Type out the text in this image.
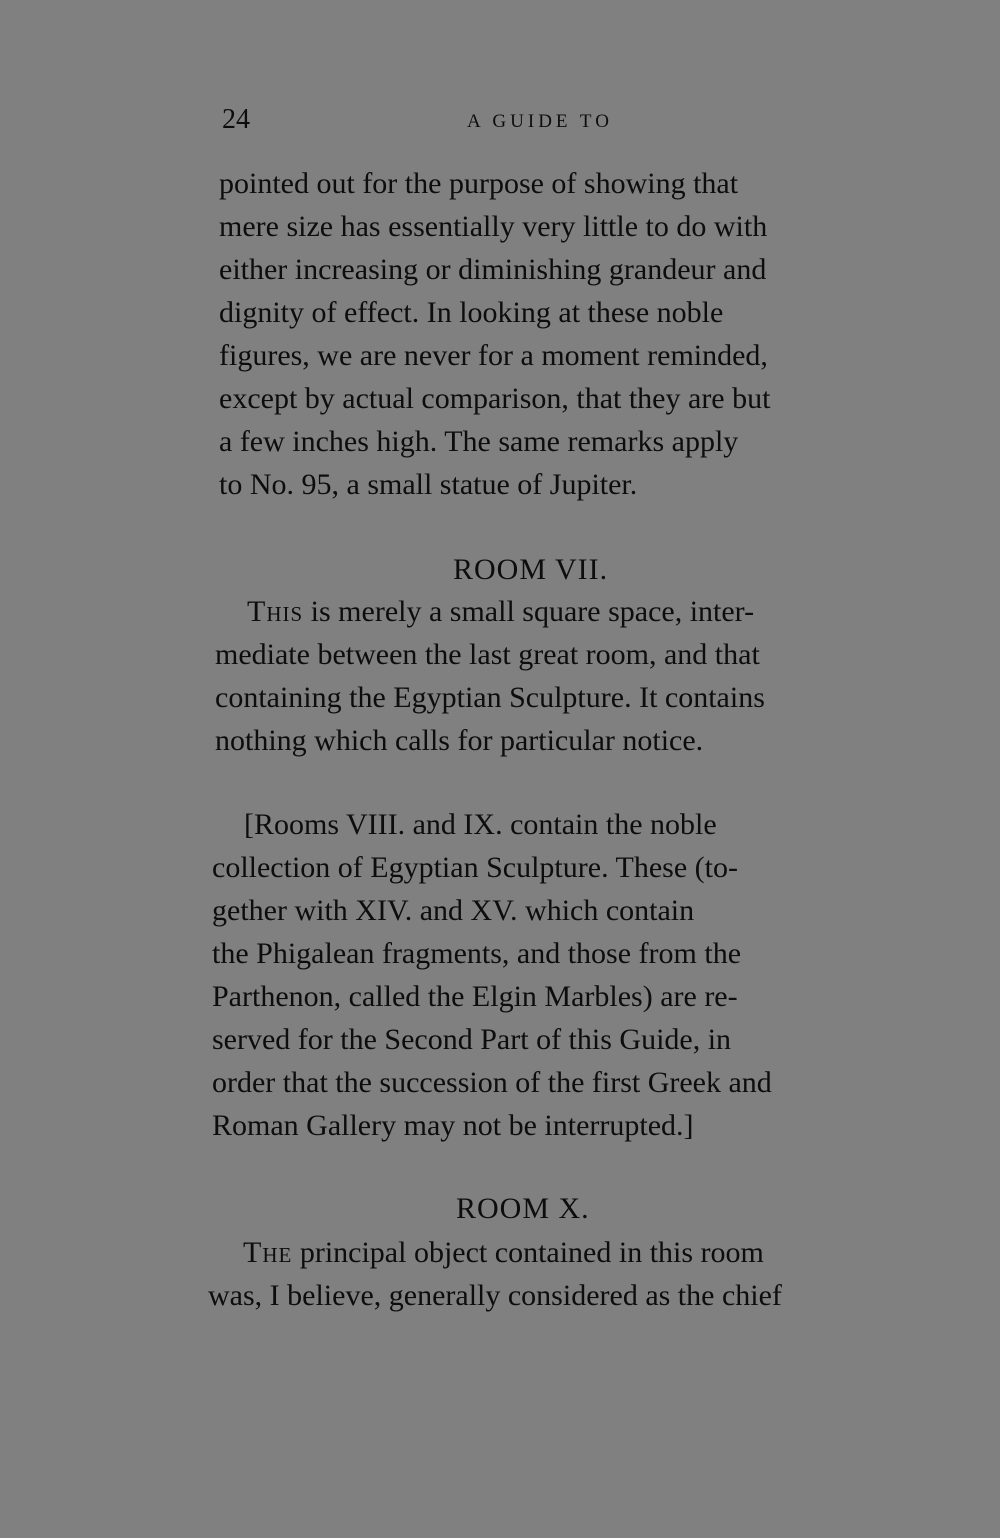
24	A GUIDE TO
pointed out for the purpose of showing that
mere size has essentially very little to do with
either increasing or diminishing grandeur and
dignity of effect. In looking at these noble
figures, we are never for a moment reminded,
except by actual comparison, that they are but
a few inches high. The same remarks apply
to No. 95, a small statue of Jupiter.
ROOM VII.
This is merely a small square space, inter-
mediate between the last great room, and that
containing the Egyptian Sculpture. It contains
nothing which calls for particular notice.
[Rooms VIII. and IX. contain the noble
collection of Egyptian Sculpture. These (to-
gether with XIV. and XV. which contain
the Phigalean fragments, and those from the
Parthenon, called the Elgin Marbles) are re-
served for the Second Part of this Guide, in
order that the succession of the first Greek and
Roman Gallery may not be interrupted.]
ROOM X.
The principal object contained in this room
was, I believe, generally considered as the chief
